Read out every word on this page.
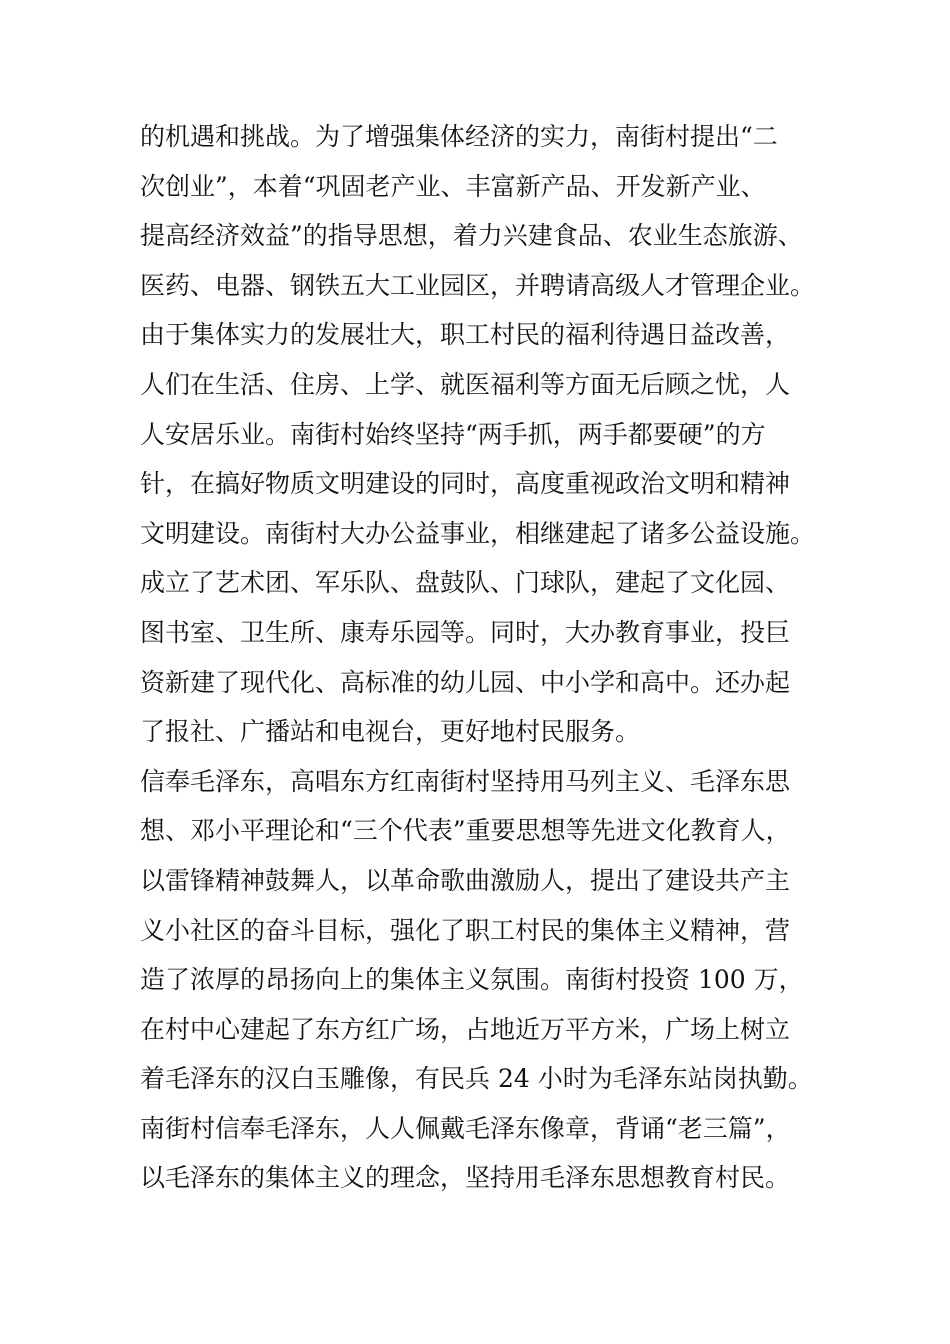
的机遇和挑战。为了增强集体经济的实力，南街村提出“二
次创业”，本着“巩固老产业、丰富新产品、开发新产业、
提高经济效益”的指导思想，着力兴建食品、农业生态旅游、
医药、电器、钢铁五大工业园区，并聘请高级人才管理企业。
由于集体实力的发展壮大，职工村民的福利待遇日益改善，
人们在生活、住房、上学、就医福利等方面无后顾之忧，人
人安居乐业。南街村始终坚持“两手抓，两手都要硬”的方
针，在搞好物质文明建设的同时，高度重视政治文明和精神
文明建设。南街村大办公益事业，相继建起了诸多公益设施。
成立了艺术团、军乐队、盘鼓队、门球队，建起了文化园、
图书室、卫生所、康寿乐园等。同时，大办教育事业，投巨
资新建了现代化、高标准的幼儿园、中小学和高中。还办起
了报社、广播站和电视台，更好地村民服务。
信奉毛泽东，高唱东方红南街村坚持用马列主义、毛泽东思
想、邓小平理论和“三个代表”重要思想等先进文化教育人，
以雷锋精神鼓舞人，以革命歌曲激励人，提出了建设共产主
义小社区的奋斗目标，强化了职工村民的集体主义精神，营
造了浓厚的昂扬向上的集体主义氛围。南街村投资 100 万，
在村中心建起了东方红广场，占地近万平方米，广场上树立
着毛泽东的汉白玉雕像，有民兵 24 小时为毛泽东站岗执勤。
南街村信奉毛泽东，人人佩戴毛泽东像章，背诵“老三篇”，
以毛泽东的集体主义的理念，坚持用毛泽东思想教育村民。
